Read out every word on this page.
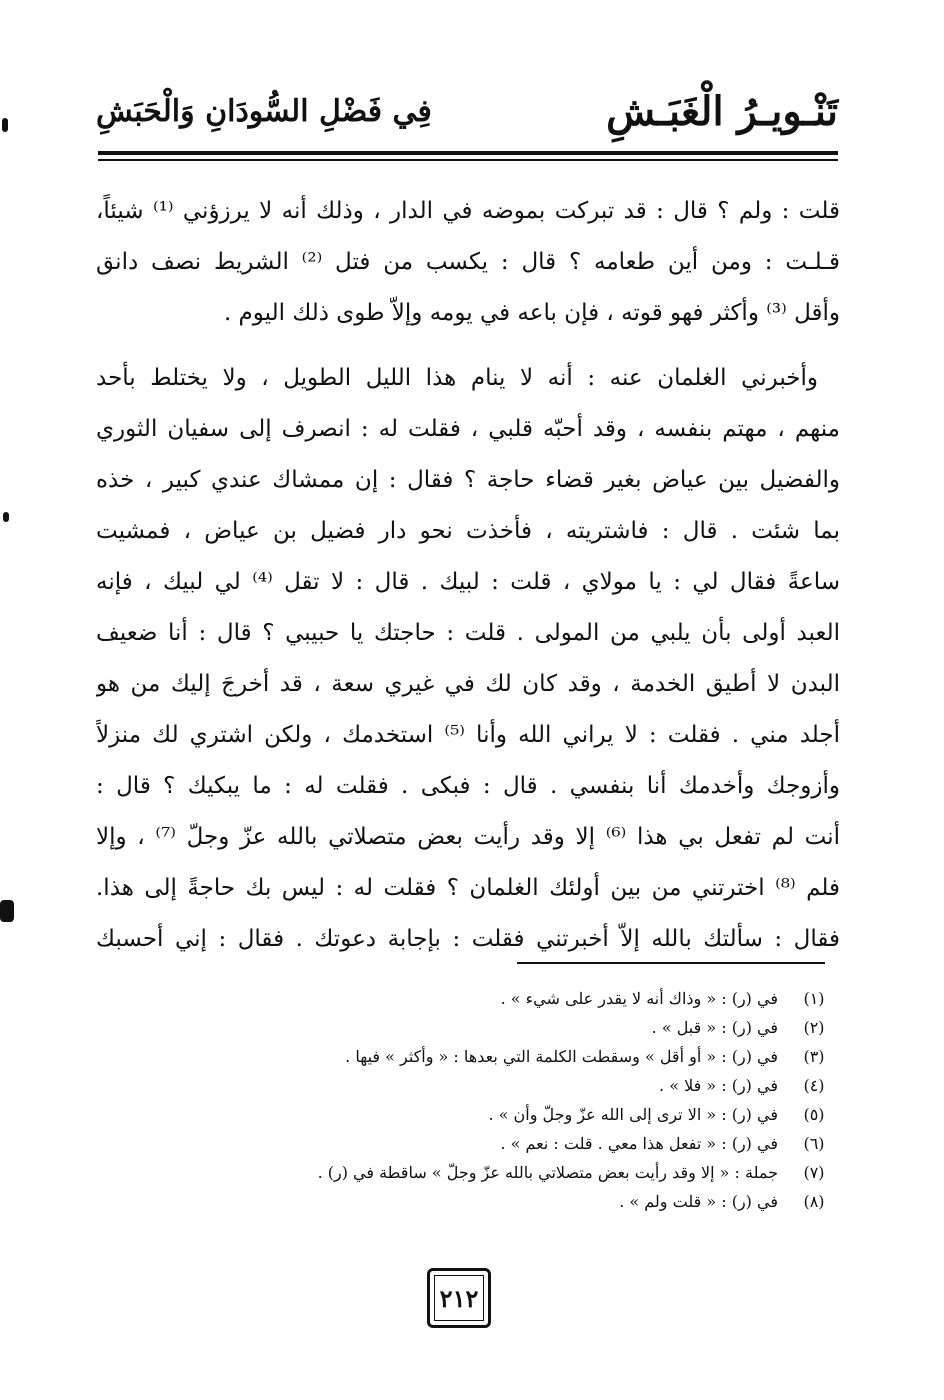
تَنْـويـرُ الْغَبَـشِ
فِي فَضْلِ السُّودَانِ وَالْحَبَشِ
قلت : ولم ؟ قال : قد تبركت بموضه في الدار ، وذلك أنه لا يرزؤني ⁽¹⁾ شيئاً،
قـلـت : ومن أين طعامه ؟ قال : يكسب من فتل ⁽²⁾ الشريط نصف دانق
وأقل ⁽³⁾ وأكثر فهو قوته ، فإن باعه في يومه وإلاّ طوى ذلك اليوم .
وأخبرني الغلمان عنه : أنه لا ينام هذا الليل الطويل ، ولا يختلط بأحد
منهم ، مهتم بنفسه ، وقد أحبّه قلبي ، فقلت له : انصرف إلى سفيان الثوري
والفضيل بين عياض بغير قضاء حاجة ؟ فقال : إن ممشاك عندي كبير ، خذه
بما شئت . قال : فاشتريته ، فأخذت نحو دار فضيل بن عياض ، فمشيت
ساعةً فقال لي : يا مولاي ، قلت : لبيك . قال : لا تقل ⁽⁴⁾ لي لبيك ، فإنه
العبد أولى بأن يلبي من المولى . قلت : حاجتك يا حبيبي ؟ قال : أنا ضعيف
البدن لا أطيق الخدمة ، وقد كان لك في غيري سعة ، قد أخرجَ إليك من هو
أجلد مني . فقلت : لا يراني الله وأنا ⁽⁵⁾ استخدمك ، ولكن اشتري لك منزلاً
وأزوجك وأخدمك أنا بنفسي . قال : فبكى . فقلت له : ما يبكيك ؟ قال :
أنت لم تفعل بي هذا ⁽⁶⁾ إلا وقد رأيت بعض متصلاتي بالله عزّ وجلّ ⁽⁷⁾ ، وإلا
فلم ⁽⁸⁾ اخترتني من بين أولئك الغلمان ؟ فقلت له : ليس بك حاجةً إلى هذا.
فقال : سألتك بالله إلاّ أخبرتني فقلت : بإجابة دعوتك . فقال : إني أحسبك
(١)
في (ر) : « وذاك أنه لا يقدر على شيء » .
(٢)
في (ر) : « قبل » .
(٣)
في (ر) : « أو أقل » وسقطت الكلمة التي بعدها : « وأكثر » فيها .
(٤)
في (ر) : « فلا » .
(٥)
في (ر) : « الا ترى إلى الله عزّ وجلّ وأن » .
(٦)
في (ر) : « تفعل هذا معي . قلت : نعم » .
(٧)
جملة : « إلا وقد رأيت بعض متصلاتي بالله عزّ وجلّ » ساقطة في (ر) .
(٨)
في (ر) : « قلت ولم » .
٢١٢
